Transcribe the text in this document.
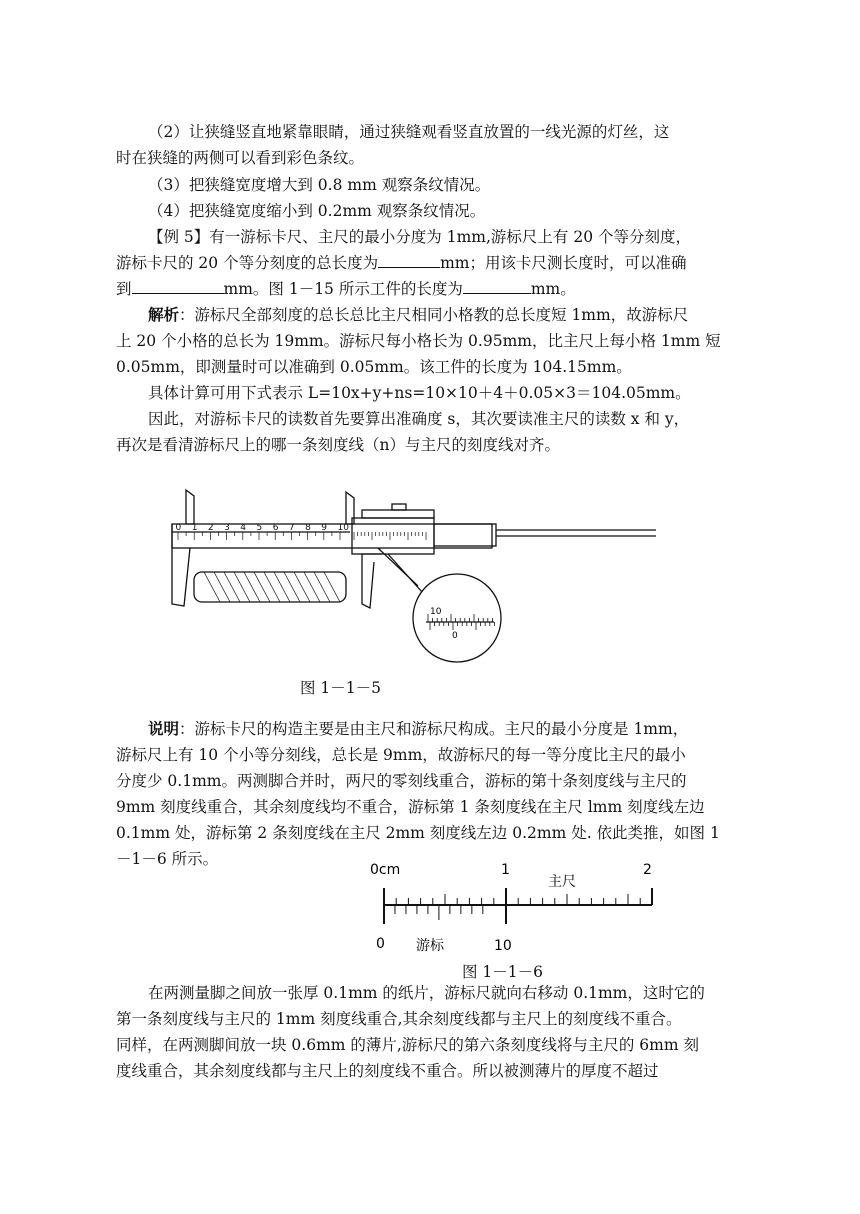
（2）让狭缝竖直地紧靠眼睛，通过狭缝观看竖直放置的一线光源的灯丝，这
时在狭缝的两侧可以看到彩色条纹。
（3）把狭缝宽度增大到 0.8 mm 观察条纹情况。
（4）把狭缝宽度缩小到 0.2mm 观察条纹情况。
【例 5】有一游标卡尺、主尺的最小分度为 1mm,游标尺上有 20 个等分刻度，
游标卡尺的 20 个等分刻度的总长度为	mm；用该卡尺测长度时，可以准确
到	mm。图 1－15 所示工件的长度为	mm。
解析：游标尺全部刻度的总长总比主尺相同小格教的总长度短 1mm，故游标尺
上 20 个小格的总长为 19mm。游标尺每小格长为 0.95mm，比主尺上每小格 1mm 短
0.05mm，即测量时可以准确到 0.05mm。该工件的长度为 104.15mm。
具体计算可用下式表示 L=10x+y+ns=10×10＋4＋0.05×3＝104.05mm。
因此，对游标卡尺的读数首先要算出准确度 s，其次要读准主尺的读数 x 和 y，
再次是看清游标尺上的哪一条刻度线（n）与主尺的刻度线对齐。
0 1 2 3 4 5 6 7 8 9 10
10
0
图 1－1－5
说明：游标卡尺的构造主要是由主尺和游标尺构成。主尺的最小分度是 1mm，
游标尺上有 10 个小等分刻线，总长是 9mm，故游标尺的每一等分度比主尺的最小
分度少 0.1mm。两测脚合并时，两尺的零刻线重合，游标的第十条刻度线与主尺的
9mm 刻度线重合，其余刻度线均不重合，游标第 1 条刻度线在主尺 lmm 刻度线左边
0.1mm 处，游标第 2 条刻度线在主尺 2mm 刻度线左边 0.2mm 处. 依此类推，如图 1
－1－6 所示。
0cm	1	2
主尺
0 游标	10
图 1－1－6
在两测量脚之间放一张厚 0.1mm 的纸片，游标尺就向右移动 0.1mm，这时它的
第一条刻度线与主尺的 1mm 刻度线重合,其余刻度线都与主尺上的刻度线不重合。
同样，在两测脚间放一块 0.6mm 的薄片,游标尺的第六条刻度线将与主尺的 6mm 刻
度线重合，其余刻度线都与主尺上的刻度线不重合。所以被测薄片的厚度不超过
